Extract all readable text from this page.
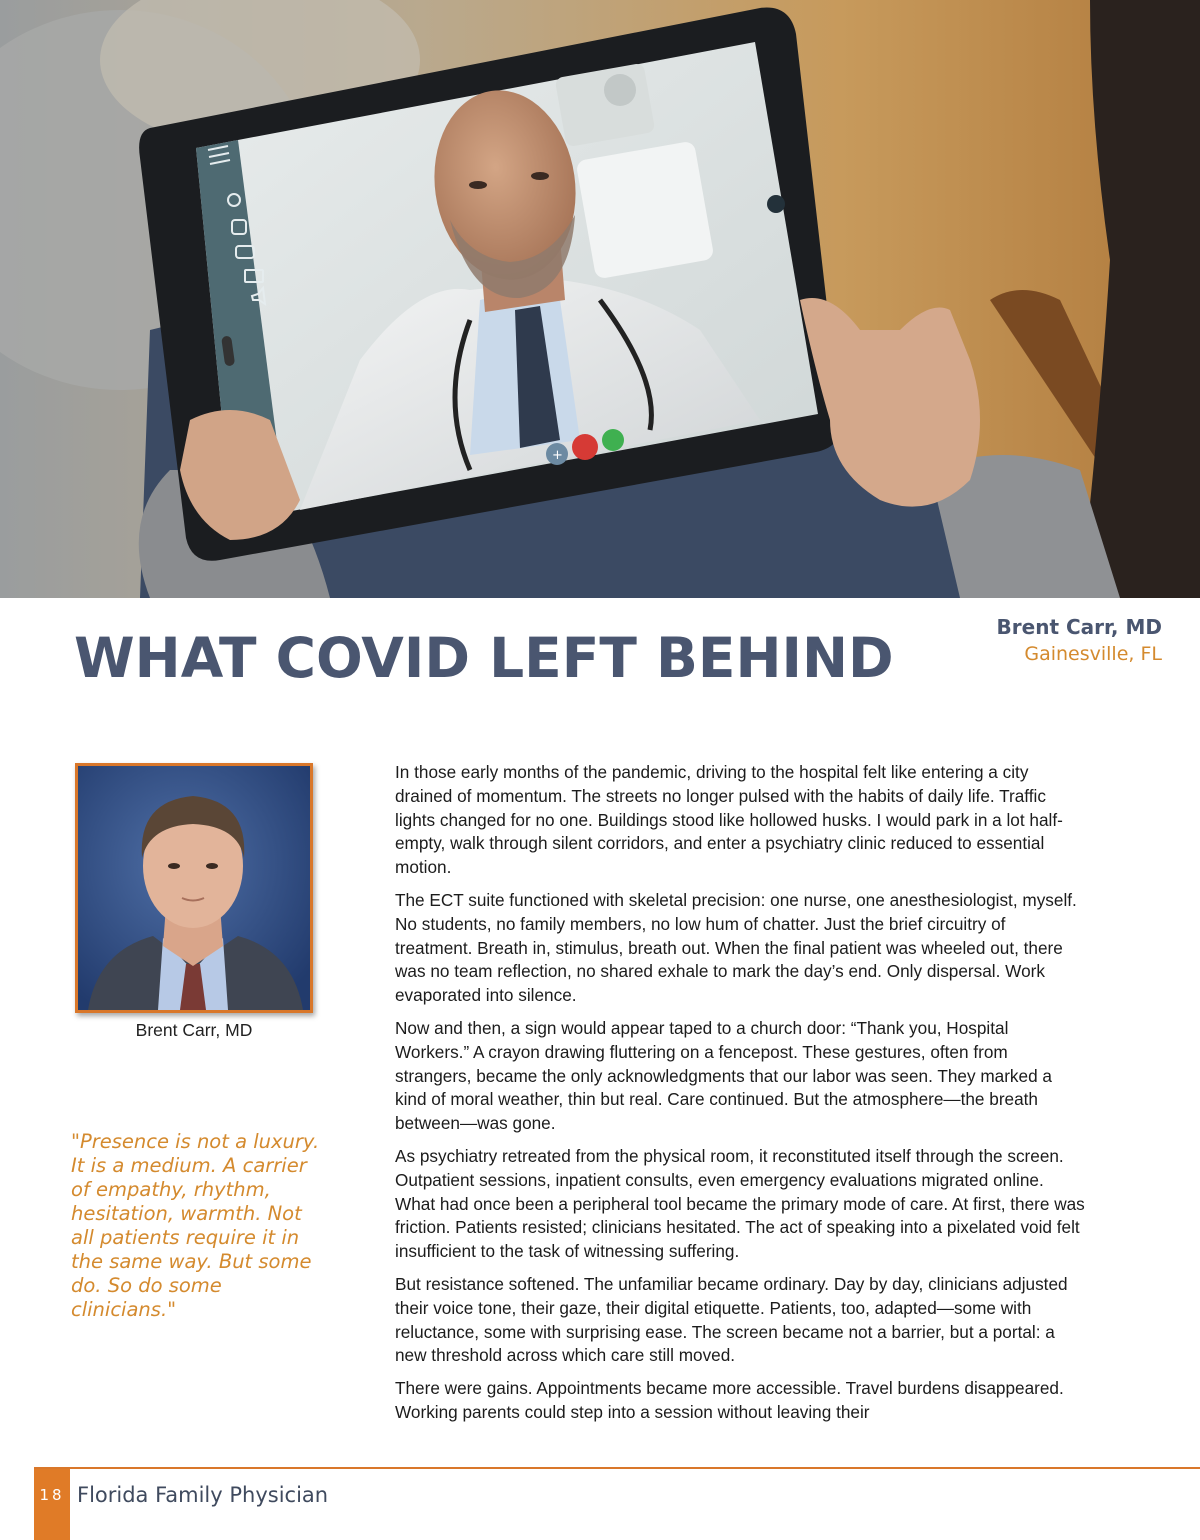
+
WHAT COVID LEFT BEHIND	Brent Carr, MD
Gainesville, FL
Brent Carr, MD

"Presence is not a luxury. It is a medium. A carrier of empathy, rhythm, hesitation, warmth. Not all patients require it in the same way. But some do. So do some clinicians."

In those early months of the pandemic, driving to the hospital felt like entering a city drained of momentum. The streets no longer pulsed with the habits of daily life. Traffic lights changed for no one. Buildings stood like hollowed husks. I would park in a lot half-empty, walk through silent corridors, and enter a psychiatry clinic reduced to essential motion.

The ECT suite functioned with skeletal precision: one nurse, one anesthesiologist, myself. No students, no family members, no low hum of chatter. Just the brief circuitry of treatment. Breath in, stimulus, breath out. When the final patient was wheeled out, there was no team reflection, no shared exhale to mark the day’s end. Only dispersal. Work evaporated into silence.

Now and then, a sign would appear taped to a church door: “Thank you, Hospital Workers.” A crayon drawing fluttering on a fencepost. These gestures, often from strangers, became the only acknowledgments that our labor was seen. They marked a kind of moral weather, thin but real. Care continued. But the atmosphere—the breath between—was gone.

As psychiatry retreated from the physical room, it reconstituted itself through the screen. Outpatient sessions, inpatient consults, even emergency evaluations migrated online. What had once been a peripheral tool became the primary mode of care. At first, there was friction. Patients resisted; clinicians hesitated. The act of speaking into a pixelated void felt insufficient to the task of witnessing suffering.

But resistance softened. The unfamiliar became ordinary. Day by day, clinicians adjusted their voice tone, their gaze, their digital etiquette. Patients, too, adapted—some with reluctance, some with surprising ease. The screen became not a barrier, but a portal: a new threshold across which care still moved.

There were gains. Appointments became more accessible. Travel burdens disappeared. Working parents could step into a session without leaving their

18 Florida Family Physician
